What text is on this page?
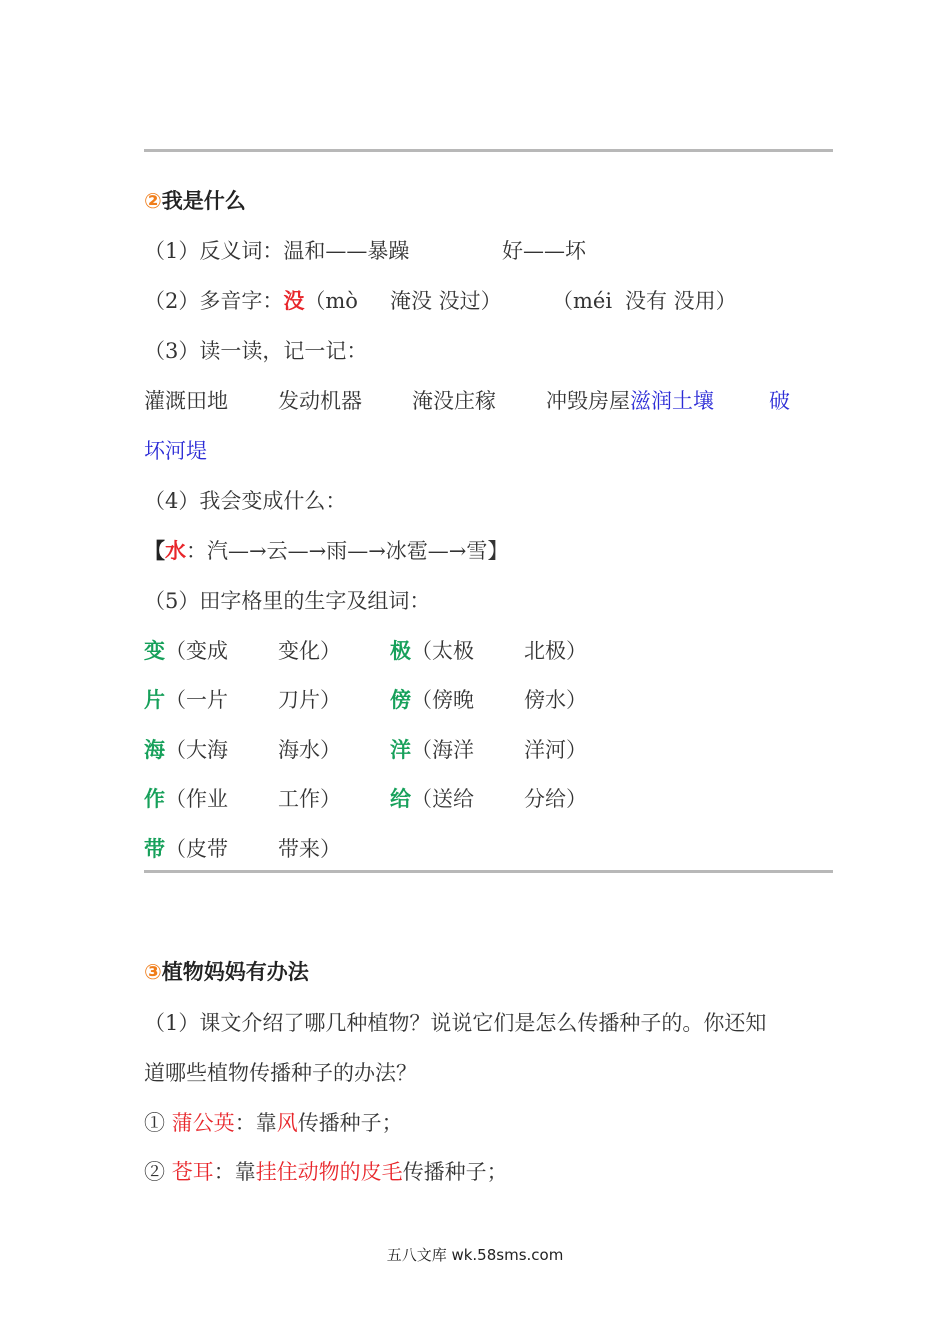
②我是什么
（1）反义词：温和——暴躁	好——坏
（2）多音字：没（mò 淹没 没过） （méi 没有 没用）
（3）读一读，记一记：
灌溉田地 发动机器 淹没庄稼 冲毁房屋滋润土壤	破
坏河堤
（4）我会变成什么：
【水：汽—→云—→雨—→冰雹—→雪】
（5）田字格里的生字及组词：
变（变成 变化）
片（一片 刀片）
海（大海 海水）
作（作业 工作）
带（皮带 带来）
极（太极 北极）
傍（傍晚 傍水）
洋（海洋 洋河）
给（送给 分给）
③植物妈妈有办法
（1）课文介绍了哪几种植物？说说它们是怎么传播种子的。你还知
道哪些植物传播种子的办法？
① 蒲公英：靠风传播种子；
② 苍耳：靠挂住动物的皮毛传播种子；
五八文库 wk.58sms.com
